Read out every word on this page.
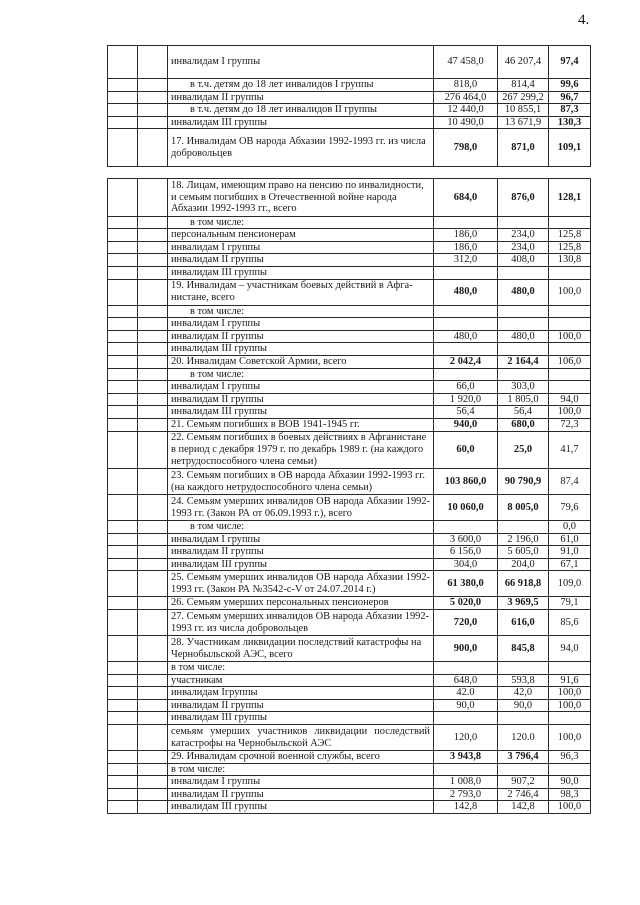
4.
		инвалидам I группы	47 458,0	46 207,4	97,4
		в т.ч. детям до 18 лет инвалидов I группы	818,0	814,4	99,6
		инвалидам II группы	276 464,0	267 299,2	96,7
		в т.ч. детям до 18 лет инвалидов II группы	12 440,0	10 855,1	87,3
		инвалидам III группы	10 490,0	13 671,9	130,3
		17. Инвалидам ОВ народа Абхазии 1992-1993 гг. из числа добровольцев	798,0	871,0	109,1
		18. Лицам, имеющим право на пенсию по инвалидности, и семьям погибших в Отечественной войне народа Абхазии 1992-1993 гг., всего	684,0	876,0	128,1
		в том числе:			
		персональным пенсионерам	186,0	234,0	125,8
		инвалидам I группы	186,0	234,0	125,8
		инвалидам II группы	312,0	408,0	130,8
		инвалидам III группы			
		19. Инвалидам – участникам боевых действий в Афга-нистане, всего	480,0	480,0	100,0
		в том числе:			
		инвалидам I группы			
		инвалидам II группы	480,0	480,0	100,0
		инвалидам III группы			
		20. Инвалидам Советской Армии, всего	2 042,4	2 164,4	106,0
		в том числе:			
		инвалидам I группы	66,0	303,0	
		инвалидам II группы	1 920,0	1 805,0	94,0
		инвалидам III группы	56,4	56,4	100,0
		21. Семьям погибших в ВОВ 1941-1945 гг.	940,0	680,0	72,3
		22. Семьям погибших в боевых действиях в Афганистане в период с декабря 1979 г. по декабрь 1989 г. (на каждого нетрудоспособного члена семьи)	60,0	25,0	41,7
		23. Семьям погибших в ОВ народа Абхазии 1992-1993 гг. (на каждого нетрудоспособного члена семьи)	103 860,0	90 790,9	87,4
		24. Семьям умерших инвалидов ОВ народа Абхазии 1992-1993 гг. (Закон РА от 06.09.1993 г.), всего	10 060,0	8 005,0	79,6
		в том числе:			0,0
		инвалидам I группы	3 600,0	2 196,0	61,0
		инвалидам II группы	6 156,0	5 605,0	91,0
		инвалидам III группы	304,0	204,0	67,1
		25. Семьям умерших инвалидов ОВ народа Абхазии 1992-1993 гг. (Закон РА №3542-с-V от 24.07.2014 г.)	61 380,0	66 918,8	109,0
		26. Семьям умерших персональных пенсионеров	5 020,0	3 969,5	79,1
		27. Семьям умерших инвалидов ОВ народа Абхазии 1992-1993 гг. из числа добровольцев	720,0	616,0	85,6
		28. Участникам ликвидации последствий катастрофы на Чернобыльской АЭС, всего	900,0	845,8	94,0
		в том числе:			
		участникам	648,0	593,8	91,6
		инвалидам Iгруппы	42.0	42,0	100,0
		инвалидам II группы	90,0	90,0	100,0
		инвалидам III группы			
		семьям умерших участников ликвидации последствий катастрофы на Чернобыльской АЭС	120,0	120.0	100,0
		29. Инвалидам срочной военной службы, всего	3 943,8	3 796,4	96,3
		в том числе:			
		инвалидам I группы	1 008,0	907,2	90,0
		инвалидам II группы	2 793,0	2 746,4	98,3
		инвалидам III группы	142,8	142,8	100,0
